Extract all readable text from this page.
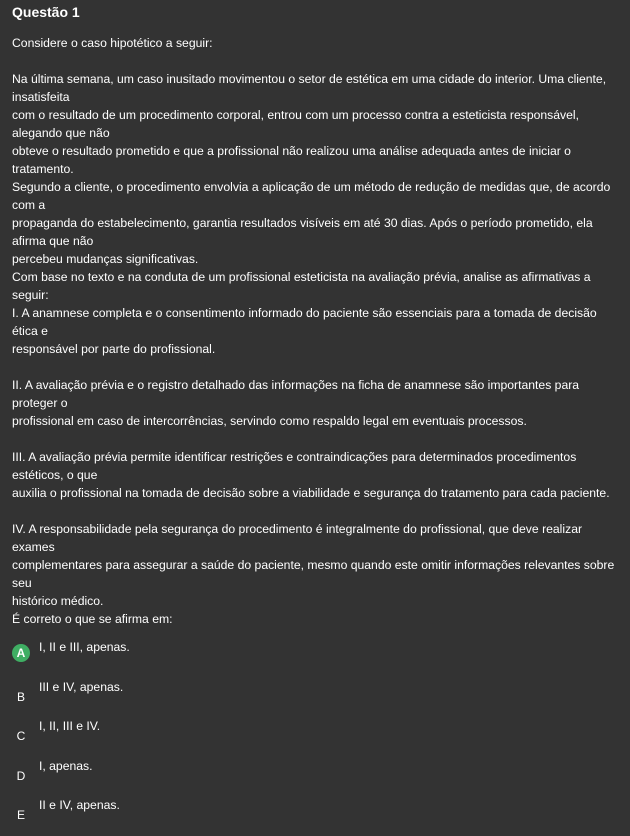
Questão 1

Considere o caso hipotético a seguir:

Na última semana, um caso inusitado movimentou o setor de estética em uma cidade do interior. Uma cliente, insatisfeita

com o resultado de um procedimento corporal, entrou com um processo contra a esteticista responsável, alegando que não

obteve o resultado prometido e que a profissional não realizou uma análise adequada antes de iniciar o tratamento.

Segundo a cliente, o procedimento envolvia a aplicação de um método de redução de medidas que, de acordo com a

propaganda do estabelecimento, garantia resultados visíveis em até 30 dias. Após o período prometido, ela afirma que não

percebeu mudanças significativas.

Com base no texto e na conduta de um profissional esteticista na avaliação prévia, analise as afirmativas a seguir:

I. A anamnese completa e o consentimento informado do paciente são essenciais para a tomada de decisão ética e

responsável por parte do profissional.

II. A avaliação prévia e o registro detalhado das informações na ficha de anamnese são importantes para proteger o

profissional em caso de intercorrências, servindo como respaldo legal em eventuais processos.

III. A avaliação prévia permite identificar restrições e contraindicações para determinados procedimentos estéticos, o que

auxilia o profissional na tomada de decisão sobre a viabilidade e segurança do tratamento para cada paciente.

IV. A responsabilidade pela segurança do procedimento é integralmente do profissional, que deve realizar exames

complementares para assegurar a saúde do paciente, mesmo quando este omitir informações relevantes sobre seu

histórico médico.

É correto o que se afirma em:

A	I, II e III, apenas.
B
III e IV, apenas.
C
I, II, III e IV.
D
I, apenas.
E
II e IV, apenas.
